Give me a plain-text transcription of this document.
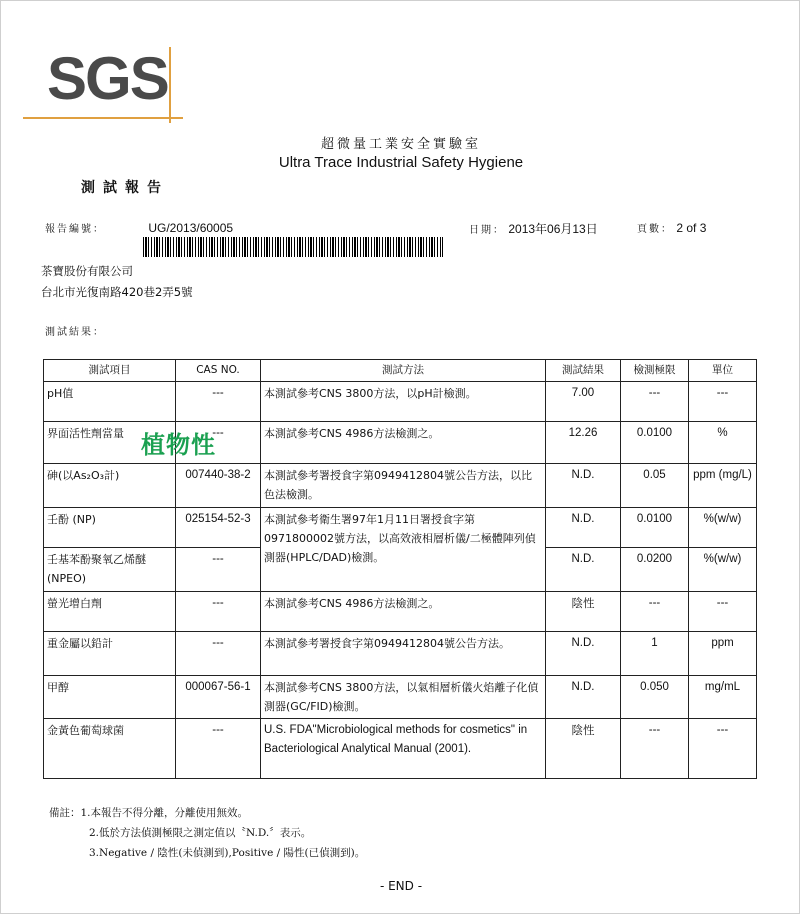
SGS
超微量工業安全實驗室
Ultra Trace Industrial Safety Hygiene
測試報告
報告編號：	UG/2013/60005	日期： 2013年06月13日	頁數： 2 of 3
茶寶股份有限公司
台北市光復南路420巷2弄5號
測試結果：
測試項目	CAS NO.	測試方法	測試結果	檢測極限	單位
pH值	---	本測試參考CNS 3800方法，以pH計檢測。	7.00	---	---
界面活性劑當量	---	本測試參考CNS 4986方法檢測之。	12.26	0.0100	%
砷(以As₂O₃計)	007440-38-2	本測試參考署授食字第0949412804號公告方法，以比色法檢測。	N.D.	0.05	ppm (mg/L)
壬酚 (NP)	025154-52-3	本測試參考衛生署97年1月11日署授食字第0971800002號方法，以高效液相層析儀/二極體陣列偵測器(HPLC/DAD)檢測。	N.D.	0.0100	%(w/w)
壬基苯酚聚氧乙烯醚(NPEO)	---		N.D.	0.0200	%(w/w)
螢光增白劑	---	本測試參考CNS 4986方法檢測之。	陰性	---	---
重金屬以鉛計	---	本測試參考署授食字第0949412804號公告方法。	N.D.	1	ppm
甲醇	000067-56-1	本測試參考CNS 3800方法，以氣相層析儀火焰離子化偵測器(GC/FID)檢測。	N.D.	0.050	mg/mL
金黃色葡萄球菌	---	U.S. FDA"Microbiological methods for cosmetics" in Bacteriological Analytical Manual (2001).	陰性	---	---
植物性
備註：1.本報告不得分離，分離使用無效。
2.低於方法偵測極限之測定值以〝N.D.〞表示。
3.Negative / 陰性(未偵測到),Positive / 陽性(已偵測到)。
- END -
